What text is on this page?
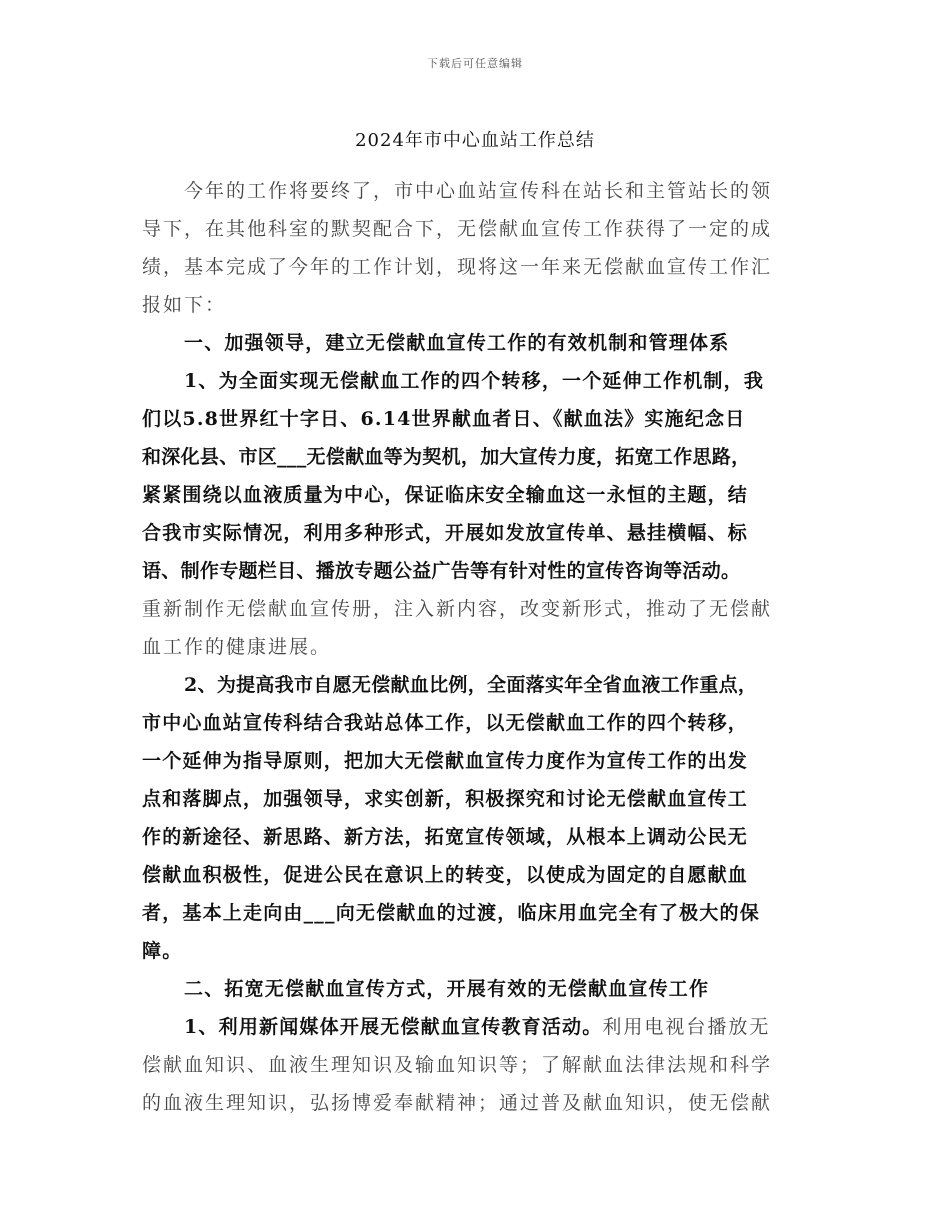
下载后可任意编辑
2024年市中心血站工作总结
今年的工作将要终了，市中心血站宣传科在站长和主管站长的领
导下，在其他科室的默契配合下，无偿献血宣传工作获得了一定的成
绩，基本完成了今年的工作计划，现将这一年来无偿献血宣传工作汇
报如下：
一、加强领导，建立无偿献血宣传工作的有效机制和管理体系
1、为全面实现无偿献血工作的四个转移，一个延伸工作机制，我
们以5.8世界红十字日、6.14世界献血者日、《献血法》实施纪念日
和深化县、市区___无偿献血等为契机，加大宣传力度，拓宽工作思路，
紧紧围绕以血液质量为中心，保证临床安全输血这一永恒的主题，结
合我市实际情况，利用多种形式，开展如发放宣传单、悬挂横幅、标
语、制作专题栏目、播放专题公益广告等有针对性的宣传咨询等活动。
重新制作无偿献血宣传册，注入新内容，改变新形式，推动了无偿献
血工作的健康进展。
2、为提高我市自愿无偿献血比例，全面落实年全省血液工作重点，
市中心血站宣传科结合我站总体工作，以无偿献血工作的四个转移，
一个延伸为指导原则，把加大无偿献血宣传力度作为宣传工作的出发
点和落脚点，加强领导，求实创新，积极探究和讨论无偿献血宣传工
作的新途径、新思路、新方法，拓宽宣传领域，从根本上调动公民无
偿献血积极性，促进公民在意识上的转变，以使成为固定的自愿献血
者，基本上走向由___向无偿献血的过渡，临床用血完全有了极大的保
障。
二、拓宽无偿献血宣传方式，开展有效的无偿献血宣传工作
1、利用新闻媒体开展无偿献血宣传教育活动。利用电视台播放无
偿献血知识、血液生理知识及输血知识等；了解献血法律法规和科学
的血液生理知识，弘扬博爱奉献精神；通过普及献血知识，使无偿献
